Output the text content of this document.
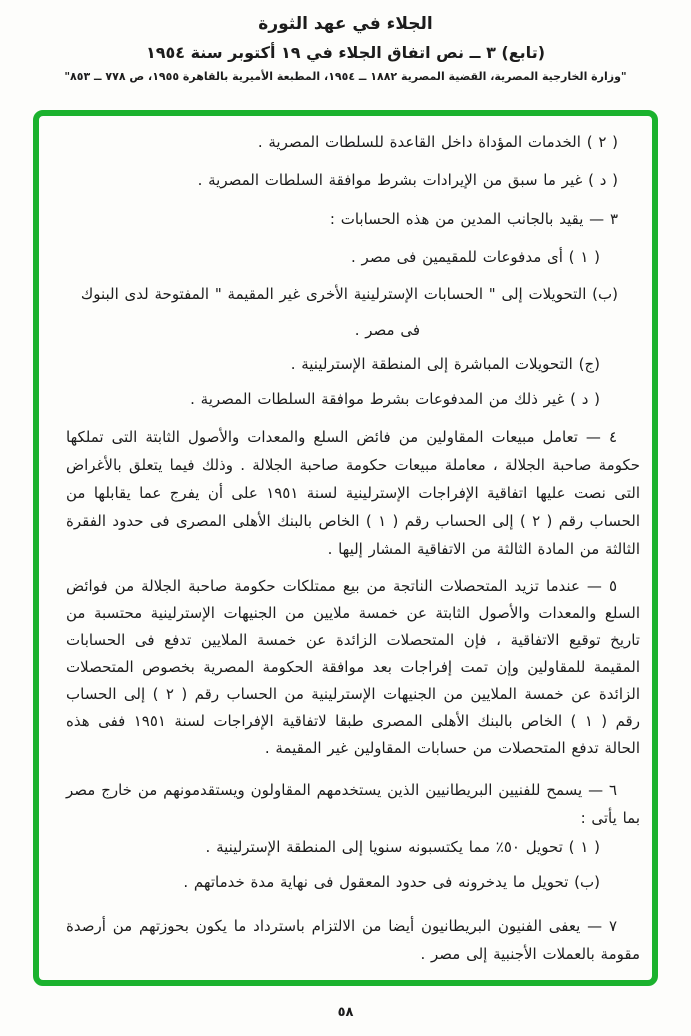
الجلاء في عهد الثورة
(تابع) ٣ ــ نص اتفاق الجلاء في ١٩ أكتوبر سنة ١٩٥٤
"وزارة الخارجية المصرية، القضية المصرية ١٨٨٢ ــ ١٩٥٤، المطبعة الأميرية بالقاهرة ١٩٥٥، ص ٧٧٨ ــ ٨٥٣"
( ٢ ) الخدمات المؤداة داخل القاعدة للسلطات المصرية .
( د ) غير ما سبق من الإيرادات بشرط موافقة السلطات المصرية .
٣ — يقيد بالجانب المدين من هذه الحسابات :
( ١ ) أى مدفوعات للمقيمين فى مصر .
(ب) التحويلات إلى " الحسابات الإسترلينية الأخرى غير المقيمة " المفتوحة لدى البنوك
فى مصر .
(ج) التحويلات المباشرة إلى المنطقة الإسترلينية .
( د ) غير ذلك من المدفوعات بشرط موافقة السلطات المصرية .
٤ — تعامل مبيعات المقاولين من فائض السلع والمعدات والأصول الثابتة التى تملكها حكومة صاحبة الجلالة ، معاملة مبيعات حكومة صاحبة الجلالة . وذلك فيما يتعلق بالأغراض التى نصت عليها اتفاقية الإفراجات الإسترلينية لسنة ١٩٥١ على أن يفرج عما يقابلها من الحساب رقم ( ٢ ) إلى الحساب رقم ( ١ ) الخاص بالبنك الأهلى المصرى فى حدود الفقرة الثالثة من المادة الثالثة من الاتفاقية المشار إليها .
٥ — عندما تزيد المتحصلات الناتجة من بيع ممتلكات حكومة صاحبة الجلالة من فوائض السلع والمعدات والأصول الثابتة عن خمسة ملايين من الجنيهات الإسترلينية محتسبة من تاريخ توقيع الاتفاقية ، فإن المتحصلات الزائدة عن خمسة الملايين تدفع فى الحسابات المقيمة للمقاولين وإن تمت إفراجات بعد موافقة الحكومة المصرية بخصوص المتحصلات الزائدة عن خمسة الملايين من الجنيهات الإسترلينية من الحساب رقم ( ٢ ) إلى الحساب رقم ( ١ ) الخاص بالبنك الأهلى المصرى طبقا لاتفاقية الإفراجات لسنة ١٩٥١ ففى هذه الحالة تدفع المتحصلات من حسابات المقاولين غير المقيمة .
٦ — يسمح للفنيين البريطانيين الذين يستخدمهم المقاولون ويستقدمونهم من خارج مصر بما يأتى :
( ١ ) تحويل ٥٠٪ مما يكتسبونه سنويا إلى المنطقة الإسترلينية .
(ب) تحويل ما يدخرونه فى حدود المعقول فى نهاية مدة خدماتهم .
٧ — يعفى الفنيون البريطانيون أيضا من الالتزام باسترداد ما يكون بحوزتهم من أرصدة مقومة بالعملات الأجنبية إلى مصر .
٥٨
